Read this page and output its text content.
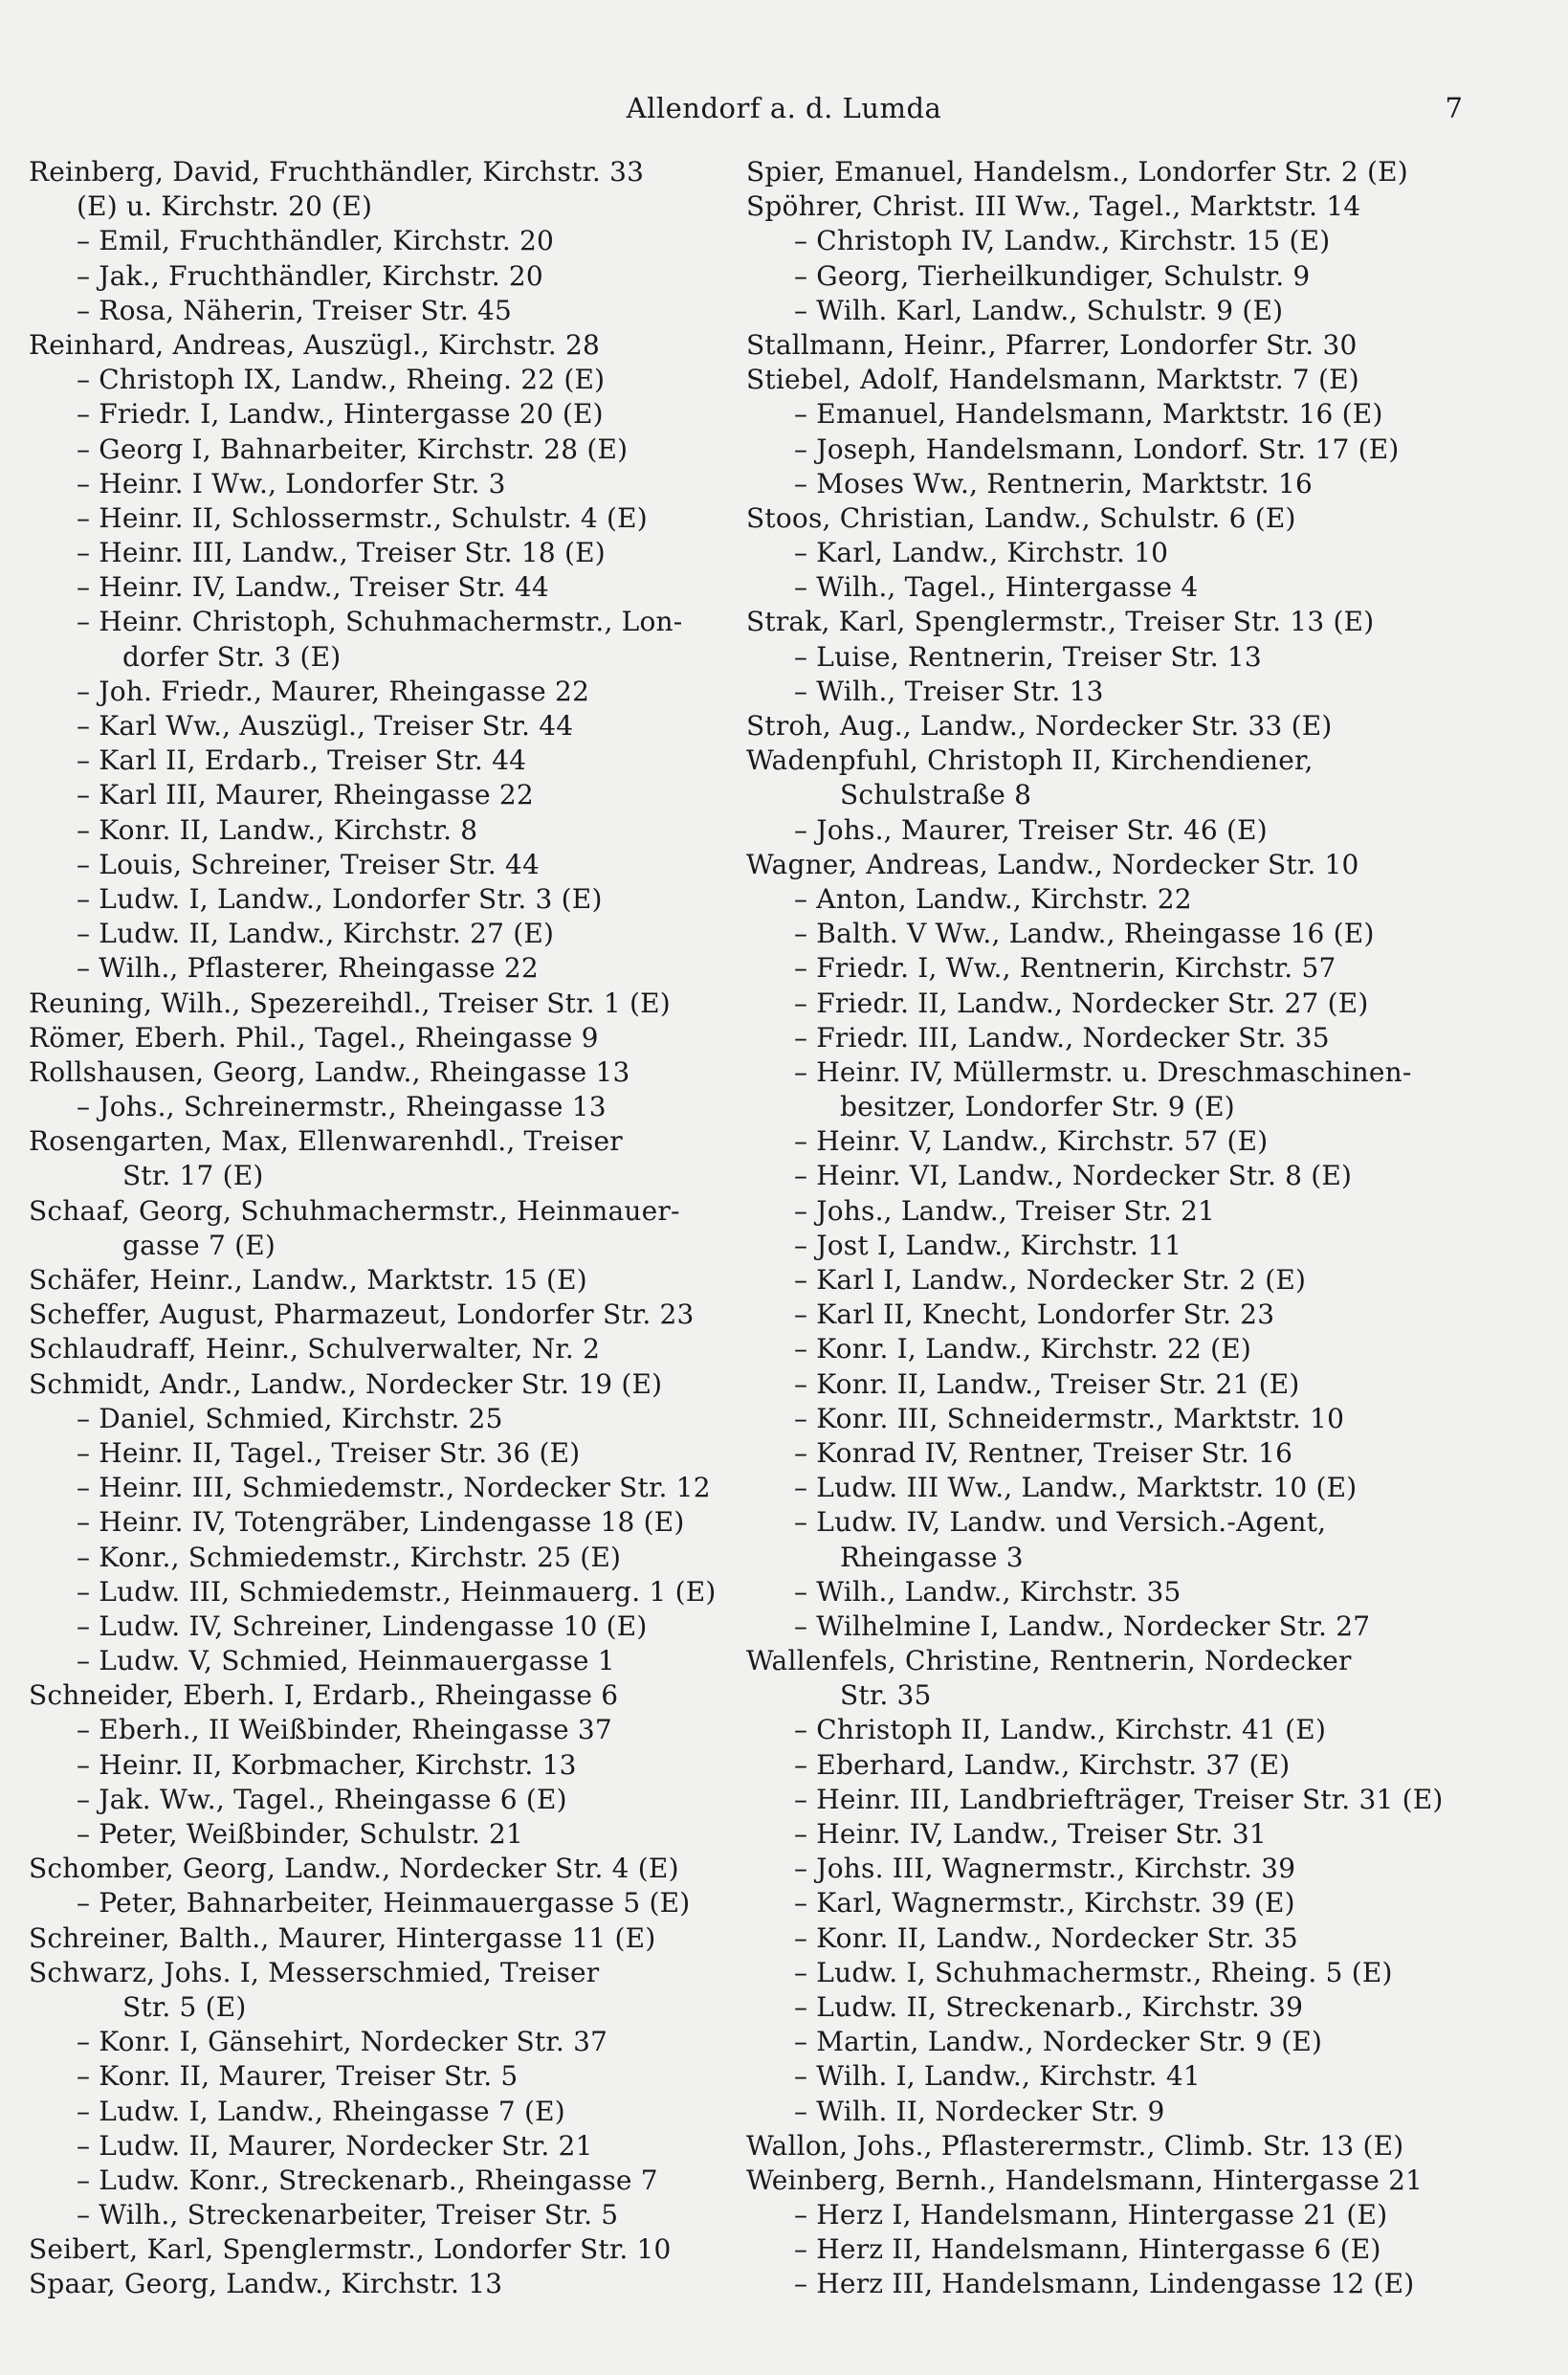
Allendorf a. d. Lumda	7
Reinberg, David, Fruchthändler, Kirchstr. 33
(E) u. Kirchstr. 20 (E)
– Emil, Fruchthändler, Kirchstr. 20
– Jak., Fruchthändler, Kirchstr. 20
– Rosa, Näherin, Treiser Str. 45
Reinhard, Andreas, Auszügl., Kirchstr. 28
– Christoph IX, Landw., Rheing. 22 (E)
– Friedr. I, Landw., Hintergasse 20 (E)
– Georg I, Bahnarbeiter, Kirchstr. 28 (E)
– Heinr. I Ww., Londorfer Str. 3
– Heinr. II, Schlossermstr., Schulstr. 4 (E)
– Heinr. III, Landw., Treiser Str. 18 (E)
– Heinr. IV, Landw., Treiser Str. 44
– Heinr. Christoph, Schuhmachermstr., Lon-
dorfer Str. 3 (E)
– Joh. Friedr., Maurer, Rheingasse 22
– Karl Ww., Auszügl., Treiser Str. 44
– Karl II, Erdarb., Treiser Str. 44
– Karl III, Maurer, Rheingasse 22
– Konr. II, Landw., Kirchstr. 8
– Louis, Schreiner, Treiser Str. 44
– Ludw. I, Landw., Londorfer Str. 3 (E)
– Ludw. II, Landw., Kirchstr. 27 (E)
– Wilh., Pflasterer, Rheingasse 22
Reuning, Wilh., Spezereihdl., Treiser Str. 1 (E)
Römer, Eberh. Phil., Tagel., Rheingasse 9
Rollshausen, Georg, Landw., Rheingasse 13
– Johs., Schreinermstr., Rheingasse 13
Rosengarten, Max, Ellenwarenhdl., Treiser
Str. 17 (E)
Schaaf, Georg, Schuhmachermstr., Heinmauer-
gasse 7 (E)
Schäfer, Heinr., Landw., Marktstr. 15 (E)
Scheffer, August, Pharmazeut, Londorfer Str. 23
Schlaudraff, Heinr., Schulverwalter, Nr. 2
Schmidt, Andr., Landw., Nordecker Str. 19 (E)
– Daniel, Schmied, Kirchstr. 25
– Heinr. II, Tagel., Treiser Str. 36 (E)
– Heinr. III, Schmiedemstr., Nordecker Str. 12
– Heinr. IV, Totengräber, Lindengasse 18 (E)
– Konr., Schmiedemstr., Kirchstr. 25 (E)
– Ludw. III, Schmiedemstr., Heinmauerg. 1 (E)
– Ludw. IV, Schreiner, Lindengasse 10 (E)
– Ludw. V, Schmied, Heinmauergasse 1
Schneider, Eberh. I, Erdarb., Rheingasse 6
– Eberh., II Weißbinder, Rheingasse 37
– Heinr. II, Korbmacher, Kirchstr. 13
– Jak. Ww., Tagel., Rheingasse 6 (E)
– Peter, Weißbinder, Schulstr. 21
Schomber, Georg, Landw., Nordecker Str. 4 (E)
– Peter, Bahnarbeiter, Heinmauergasse 5 (E)
Schreiner, Balth., Maurer, Hintergasse 11 (E)
Schwarz, Johs. I, Messerschmied, Treiser
Str. 5 (E)
– Konr. I, Gänsehirt, Nordecker Str. 37
– Konr. II, Maurer, Treiser Str. 5
– Ludw. I, Landw., Rheingasse 7 (E)
– Ludw. II, Maurer, Nordecker Str. 21
– Ludw. Konr., Streckenarb., Rheingasse 7
– Wilh., Streckenarbeiter, Treiser Str. 5
Seibert, Karl, Spenglermstr., Londorfer Str. 10
Spaar, Georg, Landw., Kirchstr. 13
Spier, Emanuel, Handelsm., Londorfer Str. 2 (E)
Spöhrer, Christ. III Ww., Tagel., Marktstr. 14
– Christoph IV, Landw., Kirchstr. 15 (E)
– Georg, Tierheilkundiger, Schulstr. 9
– Wilh. Karl, Landw., Schulstr. 9 (E)
Stallmann, Heinr., Pfarrer, Londorfer Str. 30
Stiebel, Adolf, Handelsmann, Marktstr. 7 (E)
– Emanuel, Handelsmann, Marktstr. 16 (E)
– Joseph, Handelsmann, Londorf. Str. 17 (E)
– Moses Ww., Rentnerin, Marktstr. 16
Stoos, Christian, Landw., Schulstr. 6 (E)
– Karl, Landw., Kirchstr. 10
– Wilh., Tagel., Hintergasse 4
Strak, Karl, Spenglermstr., Treiser Str. 13 (E)
– Luise, Rentnerin, Treiser Str. 13
– Wilh., Treiser Str. 13
Stroh, Aug., Landw., Nordecker Str. 33 (E)
Wadenpfuhl, Christoph II, Kirchendiener,
Schulstraße 8
– Johs., Maurer, Treiser Str. 46 (E)
Wagner, Andreas, Landw., Nordecker Str. 10
– Anton, Landw., Kirchstr. 22
– Balth. V Ww., Landw., Rheingasse 16 (E)
– Friedr. I, Ww., Rentnerin, Kirchstr. 57
– Friedr. II, Landw., Nordecker Str. 27 (E)
– Friedr. III, Landw., Nordecker Str. 35
– Heinr. IV, Müllermstr. u. Dreschmaschinen-
besitzer, Londorfer Str. 9 (E)
– Heinr. V, Landw., Kirchstr. 57 (E)
– Heinr. VI, Landw., Nordecker Str. 8 (E)
– Johs., Landw., Treiser Str. 21
– Jost I, Landw., Kirchstr. 11
– Karl I, Landw., Nordecker Str. 2 (E)
– Karl II, Knecht, Londorfer Str. 23
– Konr. I, Landw., Kirchstr. 22 (E)
– Konr. II, Landw., Treiser Str. 21 (E)
– Konr. III, Schneidermstr., Marktstr. 10
– Konrad IV, Rentner, Treiser Str. 16
– Ludw. III Ww., Landw., Marktstr. 10 (E)
– Ludw. IV, Landw. und Versich.-Agent,
Rheingasse 3
– Wilh., Landw., Kirchstr. 35
– Wilhelmine I, Landw., Nordecker Str. 27
Wallenfels, Christine, Rentnerin, Nordecker
Str. 35
– Christoph II, Landw., Kirchstr. 41 (E)
– Eberhard, Landw., Kirchstr. 37 (E)
– Heinr. III, Landbriefträger, Treiser Str. 31 (E)
– Heinr. IV, Landw., Treiser Str. 31
– Johs. III, Wagnermstr., Kirchstr. 39
– Karl, Wagnermstr., Kirchstr. 39 (E)
– Konr. II, Landw., Nordecker Str. 35
– Ludw. I, Schuhmachermstr., Rheing. 5 (E)
– Ludw. II, Streckenarb., Kirchstr. 39
– Martin, Landw., Nordecker Str. 9 (E)
– Wilh. I, Landw., Kirchstr. 41
– Wilh. II, Nordecker Str. 9
Wallon, Johs., Pflasterermstr., Climb. Str. 13 (E)
Weinberg, Bernh., Handelsmann, Hintergasse 21
– Herz I, Handelsmann, Hintergasse 21 (E)
– Herz II, Handelsmann, Hintergasse 6 (E)
– Herz III, Handelsmann, Lindengasse 12 (E)
